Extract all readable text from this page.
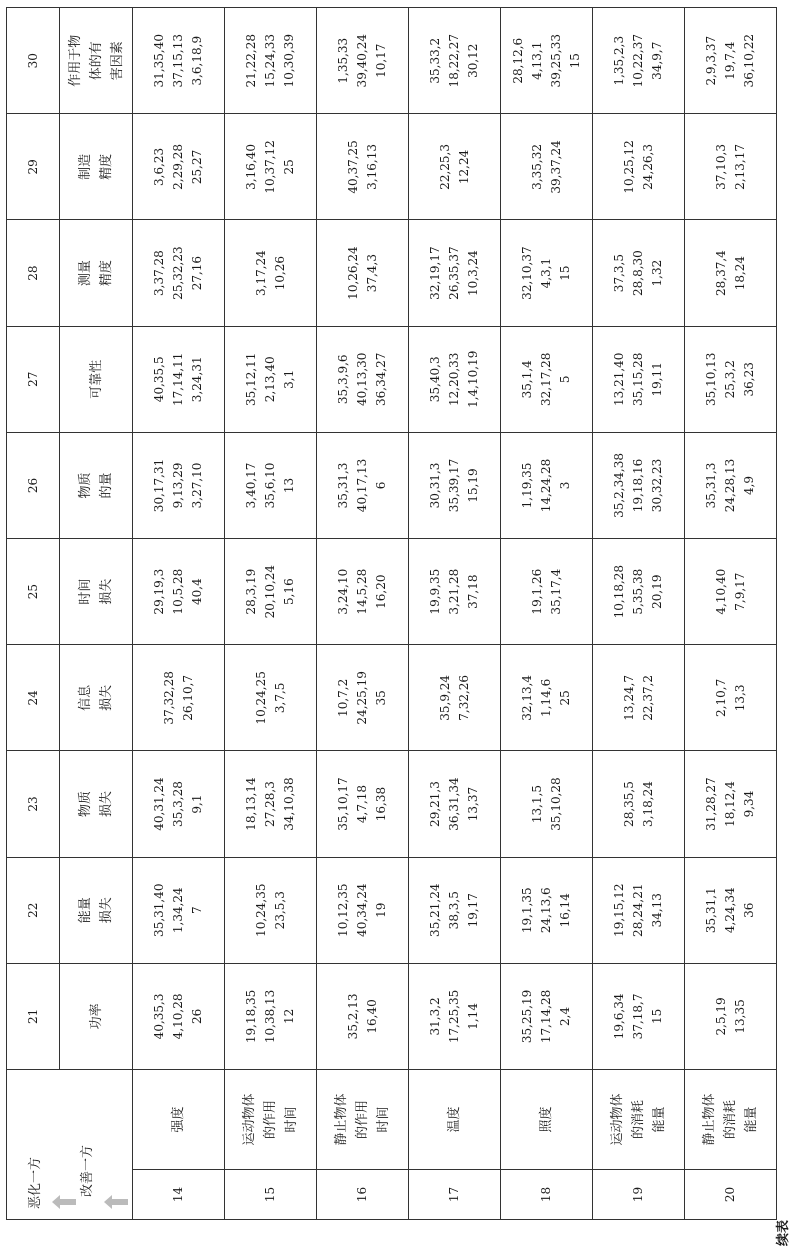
续表
恶化一方 改善一方		21	22	23	24	25	26	27	28	29	30
		功率	能量 损失	物质 损失	信息 损失	时间 损失	物质 的量	可靠性	测量 精度	制造 精度	作用于物 体的有 害因素
14	强度	40,35,3 4,10,28 26	35,31,40 1,34,24 7	40,31,24 35,3,28 9,1	37,32,28 26,10,7	29,19,3 10,5,28 40,4	30,17,31 9,13,29 3,27,10	40,35,5 17,14,11 3,24,31	3,37,28 25,32,23 27,16	3,6,23 2,29,28 25,27	31,35,40 37,15,13 3,6,18,9
15	运动物体 的作用 时间	19,18,35 10,38,13 12	10,24,35 23,5,3	18,13,14 27,28,3 34,10,38	10,24,25 3,7,5	28,3,19 20,10,24 5,16	3,40,17 35,6,10 13	35,12,11 2,13,40 3,1	3,17,24 10,26	3,16,40 10,37,12 25	21,22,28 15,24,33 10,30,39
16	静止物体 的作用 时间	35,2,13 16,40	10,12,35 40,34,24 19	35,10,17 4,7,18 16,38	10,7,2 24,25,19 35	3,24,10 14,5,28 16,20	35,31,3 40,17,13 6	35,3,9,6 40,13,30 36,34,27	10,26,24 37,4,3	40,37,25 3,16,13	1,35,33 39,40,24 10,17
17	温度	31,3,2 17,25,35 1,14	35,21,24 38,3,5 19,17	29,21,3 36,31,34 13,37	35,9,24 7,32,26	19,9,35 3,21,28 37,18	30,31,3 35,39,17 15,19	35,40,3 12,20,33 1,4,10,19	32,19,17 26,35,37 10,3,24	22,25,3 12,24	35,33,2 18,22,27 30,12
18	照度	35,25,19 17,14,28 2,4	19,1,35 24,13,6 16,14	13,1,5 35,10,28	32,13,4 1,14,6 25	19,1,26 35,17,4	1,19,35 14,24,28 3	35,1,4 32,17,28 5	32,10,37 4,3,1 15	3,35,32 39,37,24	28,12,6 4,13,1 39,25,33 15
19	运动物体 的消耗 能量	19,6,34 37,18,7 15	19,15,12 28,24,21 34,13	28,35,5 3,18,24	13,24,7 22,37,2	10,18,28 5,35,38 20,19	35,2,34,38 19,18,16 30,32,23	13,21,40 35,15,28 19,11	37,3,5 28,8,30 1,32	10,25,12 24,26,3	1,35,2,3 10,22,37 34,9,7
20	静止物体 的消耗 能量	2,5,19 13,35	35,31,1 4,24,34 36	31,28,27 18,12,4 9,34	2,10,7 13,3	4,10,40 7,9,17	35,31,3 24,28,13 4,9	35,10,13 25,3,2 36,23	28,37,4 18,24	37,10,3 2,13,17	2,9,3,37 19,7,4 36,10,22
